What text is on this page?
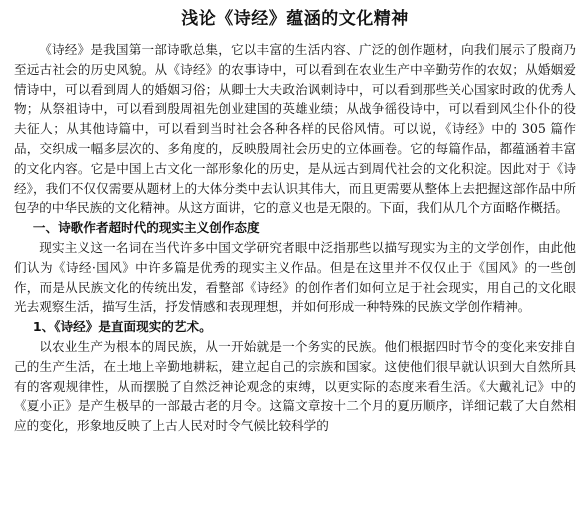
浅论《诗经》蕴涵的文化精神

《诗经》是我国第一部诗歌总集，它以丰富的生活内容、广泛的创作题材，向我们展示了殷商乃至远古社会的历史风貌。从《诗经》的农事诗中，可以看到在农业生产中辛勤劳作的农奴；从婚姻爱情诗中，可以看到周人的婚姻习俗；从卿士大夫政治讽刺诗中，可以看到那些关心国家时政的优秀人物；从祭祖诗中，可以看到殷周祖先创业建国的英雄业绩；从战争徭役诗中，可以看到风尘仆仆的役夫征人；从其他诗篇中，可以看到当时社会各种各样的民俗风情。可以说，《诗经》中的 305 篇作品，交织成一幅多层次的、多角度的，反映殷周社会历史的立体画卷。它的每篇作品，都蕴涵着丰富的文化内容。它是中国上古文化一部形象化的历史，是从远古到周代社会的文化积淀。因此对于《诗经》，我们不仅仅需要从题材上的大体分类中去认识其伟大，而且更需要从整体上去把握这部作品中所包孕的中华民族的文化精神。从这方面讲，它的意义也是无限的。下面，我们从几个方面略作概括。

一、诗歌作者超时代的现实主义创作态度

现实主义这一名词在当代许多中国文学研究者眼中泛指那些以描写现实为主的文学创作，由此他们认为《诗经·国风》中许多篇是优秀的现实主义作品。但是在这里并不仅仅止于《国风》的一些创作，而是从民族文化的传统出发，看整部《诗经》的创作者们如何立足于社会现实，用自己的文化眼光去观察生活，描写生活，抒发情感和表现理想，并如何形成一种特殊的民族文学创作精神。

1、《诗经》是直面现实的艺术。

以农业生产为根本的周民族，从一开始就是一个务实的民族。他们根据四时节令的变化来安排自己的生产生活，在土地上辛勤地耕耘，建立起自己的宗族和国家。这使他们很早就认识到大自然所具有的客观规律性，从而摆脱了自然泛神论观念的束缚，以更实际的态度来看生活。《大戴礼记》中的《夏小正》是产生极早的一部最古老的月令。这篇文章按十二个月的夏历顺序，详细记载了大自然相应的变化，形象地反映了上古人民对时令气候比较科学的
